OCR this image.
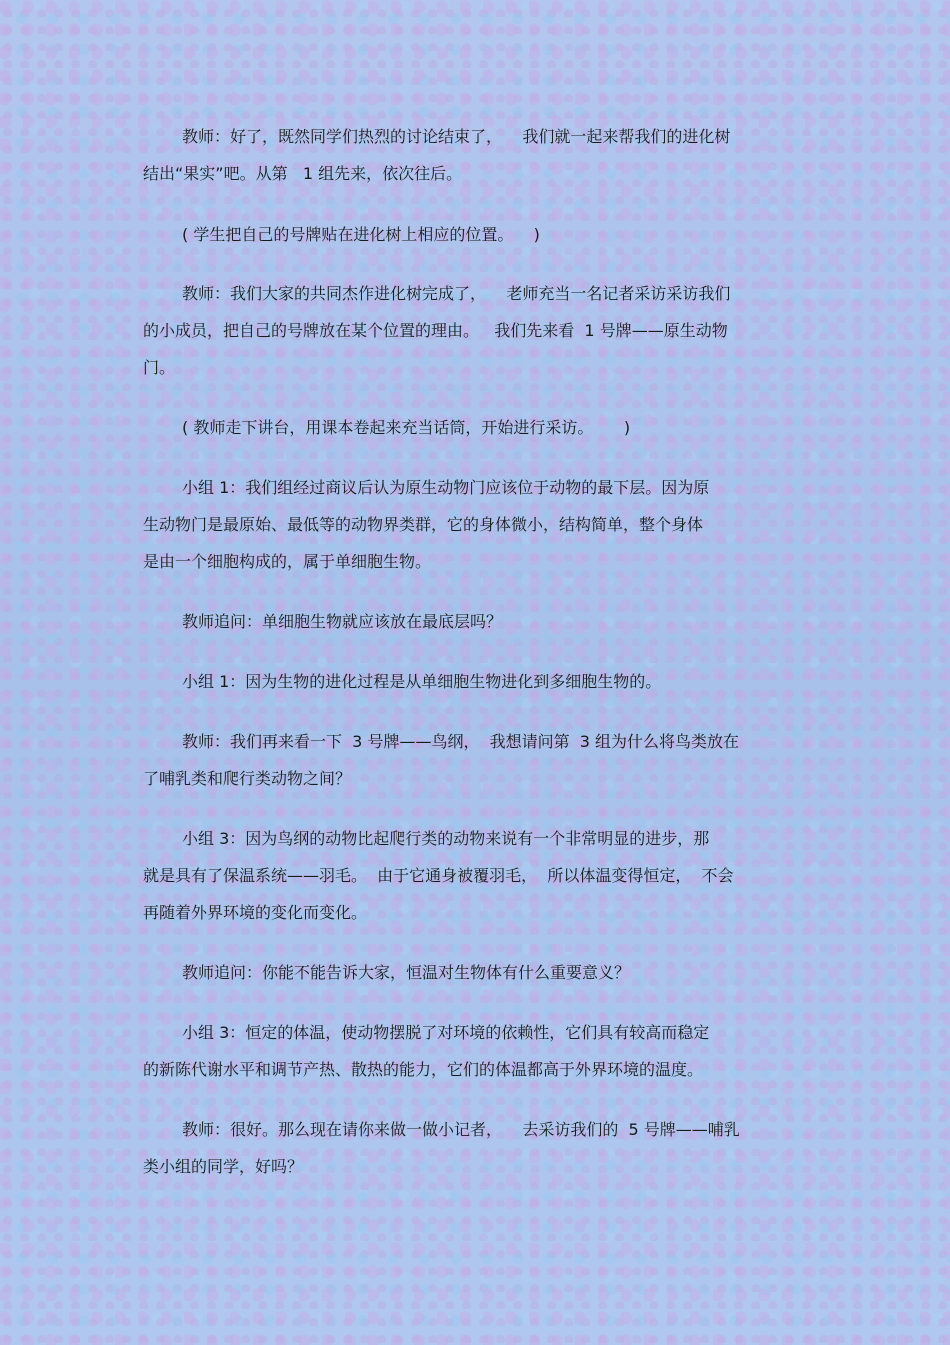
教师：好了，既然同学们热烈的讨论结束了，    我们就一起来帮我们的进化树
结出“果实”吧。从第   1 组先来，依次往后。

( 学生把自己的号牌贴在进化树上相应的位置。    )

教师：我们大家的共同杰作进化树完成了，    老师充当一名记者采访采访我们
的小成员，把自己的号牌放在某个位置的理由。   我们先来看  1 号牌——原生动物
门。

( 教师走下讲台，用课本卷起来充当话筒，开始进行采访。      )

小组 1：我们组经过商议后认为原生动物门应该位于动物的最下层。因为原
生动物门是最原始、最低等的动物界类群，它的身体微小，结构简单，整个身体
是由一个细胞构成的，属于单细胞生物。

教师追问：单细胞生物就应该放在最底层吗？

小组 1：因为生物的进化过程是从单细胞生物进化到多细胞生物的。

教师：我们再来看一下  3 号牌——鸟纲，  我想请问第  3 组为什么将鸟类放在
了哺乳类和爬行类动物之间？

小组 3：因为鸟纲的动物比起爬行类的动物来说有一个非常明显的进步，那
就是具有了保温系统——羽毛。  由于它通身被覆羽毛，  所以体温变得恒定，  不会
再随着外界环境的变化而变化。

教师追问：你能不能告诉大家，恒温对生物体有什么重要意义？

小组 3：恒定的体温，使动物摆脱了对环境的依赖性，它们具有较高而稳定
的新陈代谢水平和调节产热、散热的能力，它们的体温都高于外界环境的温度。

教师：很好。那么现在请你来做一做小记者，    去采访我们的  5 号牌——哺乳
类小组的同学，好吗？
